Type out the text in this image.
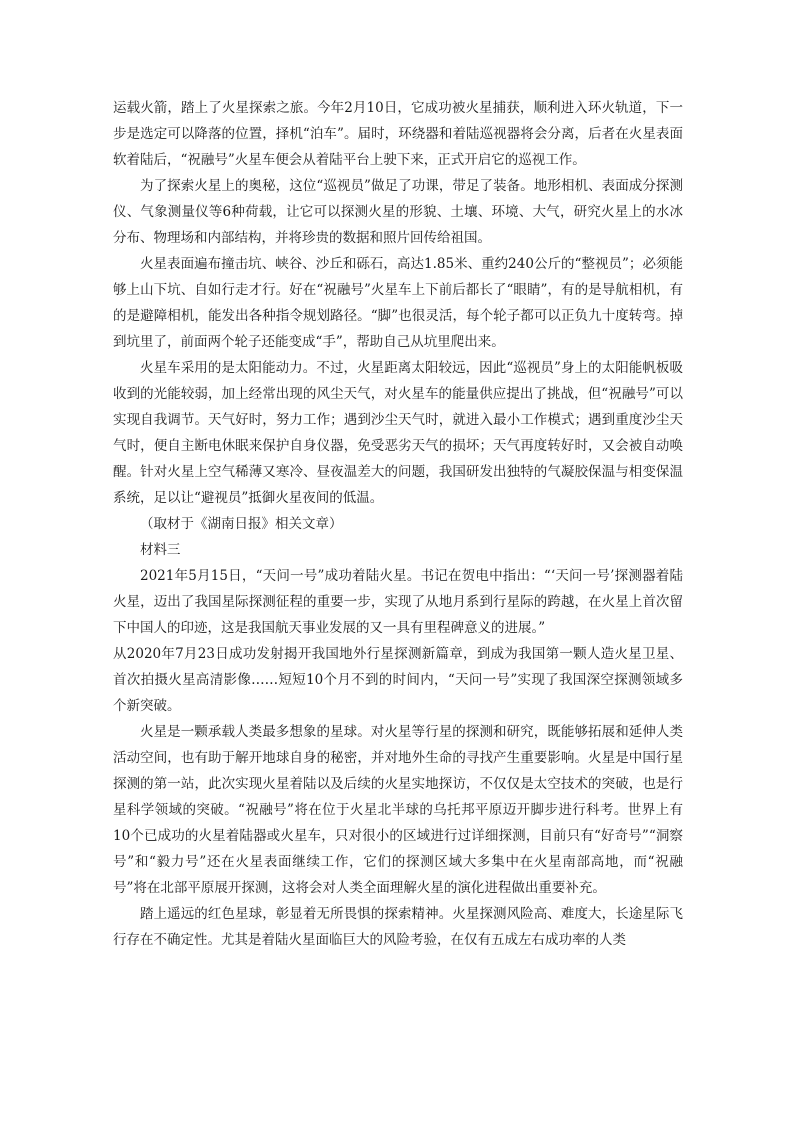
运载火箭，踏上了火星探索之旅。今年2月10日，它成功被火星捕获，顺利进入环火轨道，下一步是选定可以降落的位置，择机“泊车”。届时，环绕器和着陆巡视器将会分离，后者在火星表面软着陆后，“祝融号”火星车便会从着陆平台上驶下来，正式开启它的巡视工作。

为了探索火星上的奥秘，这位“巡视员”做足了功课，带足了装备。地形相机、表面成分探测仪、气象测量仪等6种荷载，让它可以探测火星的形貌、土壤、环境、大气，研究火星上的水冰分布、物理场和内部结构，并将珍贵的数据和照片回传给祖国。

火星表面遍布撞击坑、峡谷、沙丘和砾石，高达1.85米、重约240公斤的“整视员”；必须能够上山下坑、自如行走才行。好在“祝融号”火星车上下前后都长了“眼睛”，有的是导航相机，有的是避障相机，能发出各种指令规划路径。“脚”也很灵活，每个轮子都可以正负九十度转弯。掉到坑里了，前面两个轮子还能变成“手”，帮助自己从坑里爬出来。

火星车采用的是太阳能动力。不过，火星距离太阳较远，因此“巡视员”身上的太阳能帆板吸收到的光能较弱，加上经常出现的风尘天气，对火星车的能量供应提出了挑战，但“祝融号”可以实现自我调节。天气好时，努力工作；遇到沙尘天气时，就进入最小工作模式；遇到重度沙尘天气时，便自主断电休眠来保护自身仪器，免受恶劣天气的损坏；天气再度转好时，又会被自动唤醒。针对火星上空气稀薄又寒冷、昼夜温差大的问题，我国研发出独特的气凝胶保温与相变保温系统，足以让“避视员”抵御火星夜间的低温。

（取材于《湖南日报》相关文章）

材料三

2021年5月15日，“天问一号”成功着陆火星。书记在贺电中指出：“‘天问一号’探测器着陆火星，迈出了我国星际探测征程的重要一步，实现了从地月系到行星际的跨越，在火星上首次留下中国人的印迹，这是我国航天事业发展的又一具有里程碑意义的进展。”

从2020年7月23日成功发射揭开我国地外行星探测新篇章，到成为我国第一颗人造火星卫星、首次拍摄火星高清影像……短短10个月不到的时间内，“天问一号”实现了我国深空探测领域多个新突破。

火星是一颗承载人类最多想象的星球。对火星等行星的探测和研究，既能够拓展和延伸人类活动空间，也有助于解开地球自身的秘密，并对地外生命的寻找产生重要影响。火星是中国行星探测的第一站，此次实现火星着陆以及后续的火星实地探访，不仅仅是太空技术的突破，也是行星科学领域的突破。“祝融号”将在位于火星北半球的乌托邦平原迈开脚步进行科考。世界上有10个已成功的火星着陆器或火星车，只对很小的区域进行过详细探测，目前只有“好奇号”“洞察号”和“毅力号”还在火星表面继续工作，它们的探测区域大多集中在火星南部高地，而“祝融号”将在北部平原展开探测，这将会对人类全面理解火星的演化进程做出重要补充。

踏上遥远的红色星球，彰显着无所畏惧的探索精神。火星探测风险高、难度大，长途星际飞行存在不确定性。尤其是着陆火星面临巨大的风险考验，在仅有五成左右成功率的人类
